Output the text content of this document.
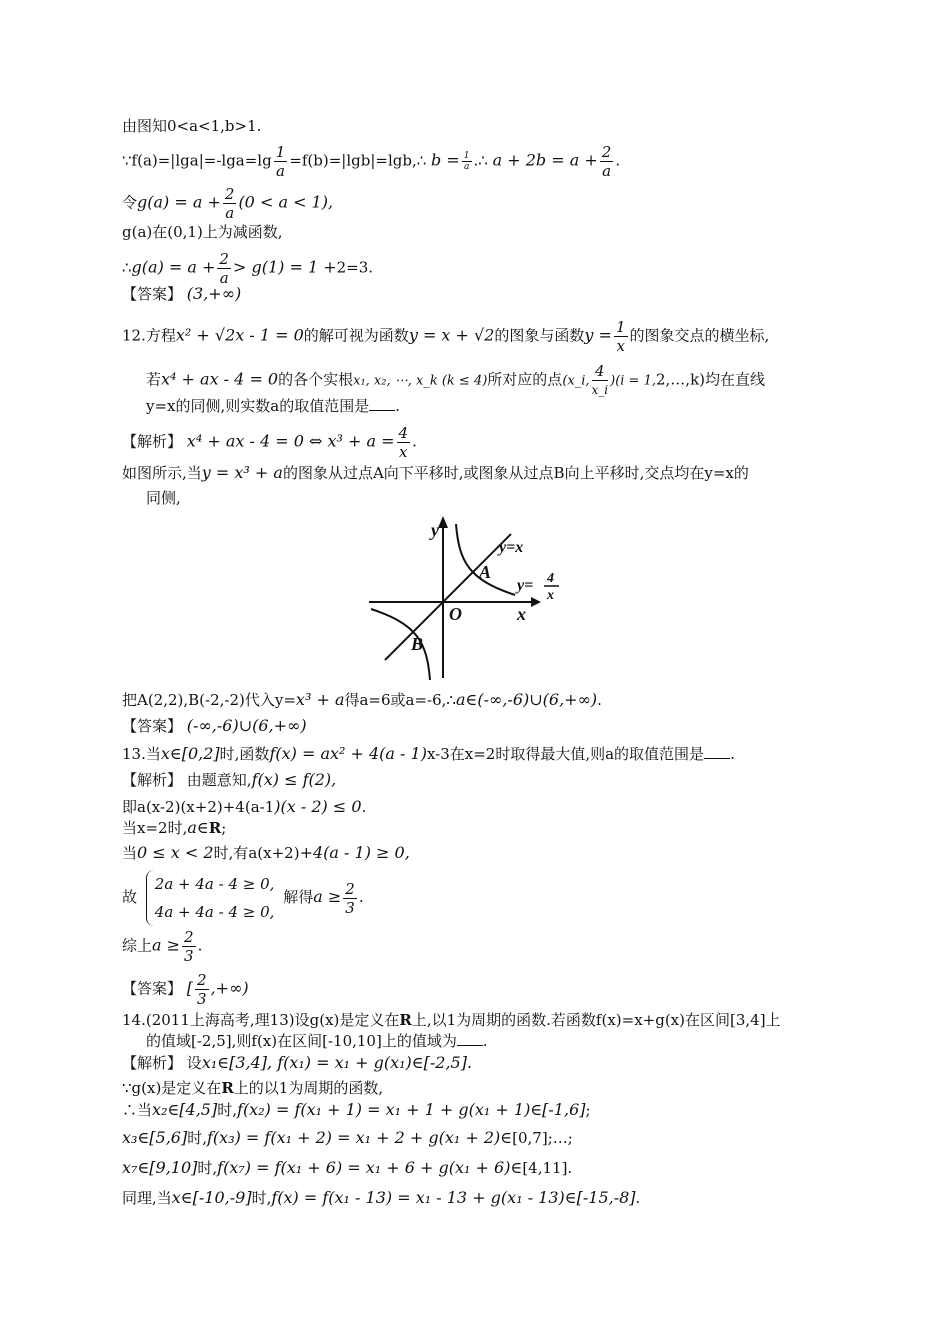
由图知0<a<1,b>1.
∵f(a)=|lga|=-lga=lg $\frac{1}{a}$ =f(b)=|lgb|=lgb,∴ $b = \frac{1}{a}$ .∴ $a + 2b = a + \frac{2}{a}$ .
令$g(a) = a + \frac{2}{a} (0 < a < 1)$,
g(a)在(0,1)上为减函数,
∴g(a) = $a + \frac{2}{a} > g(1) = 1 +2=3$.
【答案】 (3,+∞)
12.方程x² + √2x - 1 = 0的解可视为函数y = x + √2的图象与函数$y = \frac{1}{x}$ 的图象交点的横坐标,
若x⁴ + ax - 4 = 0的各个实根x₁, x₂, ⋯, x_k (k ≤ 4)所对应的点(x_i, $\frac{4}{x\_i} )(i$ = 1,2,…,k)均在直线
y=x的同侧,则实数a的取值范围是 .
【解析】 x⁴ + ax - 4 = 0 ⇔ $x^3 + a = \frac{4}{x}$ .
如图所示,当y = x³ + a的图象从过点A向下平移时,或图象从过点B向上平移时,交点均在y=x的
同侧,
y
x
O
A
B
y=x
y= 4
x
把A(2,2),B(-2,-2)代入y=x³ + a得a=6或a=-6,∴a∈(-∞,-6)∪(6,+∞).
【答案】 (-∞,-6)∪(6,+∞)
13.当x∈[0,2]时,函数f(x) = ax² + 4(a - 1)x-3在x=2时取得最大值,则a的取值范围是 .
【解析】 由题意知,f(x) ≤ f(2),
即a(x-2)(x+2)+4(a-1)(x - 2) ≤ 0.
当x=2时,a∈R;
当0 ≤ x < 2时,有a(x+2)+4(a - 1) ≥ 0,
故
2a + 4a - 4 ≥ 0,
4a + 4a - 4 ≥ 0,
解得$a \ge \frac{2}{3}$ .
综上$a \ge \frac{2}{3}$ .
【答案】 [ $\frac{2}{3}$ ,+∞)
14.(2011上海高考,理13)设g(x)是定义在R上,以1为周期的函数.若函数f(x)=x+g(x)在区间[3,4]上
的值域[-2,5],则f(x)在区间[-10,10]上的值域为 .
【解析】 设x₁∈[3,4], f(x₁) = x₁ + g(x₁)∈[-2,5].
∵g(x)是定义在R上的以1为周期的函数,
∴当x₂∈[4,5]时,f(x₂) = f(x₁ + 1) = x₁ + 1 + g(x₁ + 1)∈[-1,6];
x₃∈[5,6]时,f(x₃) = f(x₁ + 2) = x₁ + 2 + g(x₁ + 2)∈[0,7];…;
x₇∈[9,10]时,f(x₇) = f(x₁ + 6) = x₁ + 6 + g(x₁ + 6)∈[4,11].
同理,当x∈[-10,-9]时,f(x) = f(x₁ - 13) = x₁ - 13 + g(x₁ - 13)∈[-15,-8].
